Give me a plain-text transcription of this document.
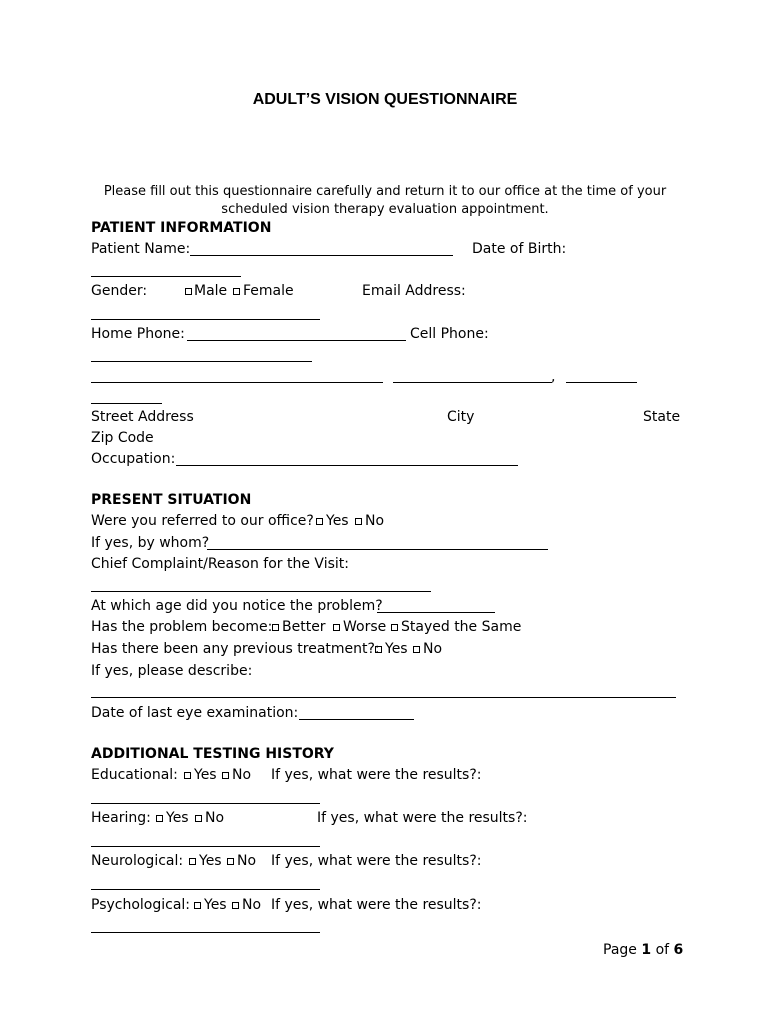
ADULT’S VISION QUESTIONNAIRE
Please fill out this questionnaire carefully and return it to our office at the time of your
scheduled vision therapy evaluation appointment.
PATIENT INFORMATION
Patient Name:	Date of Birth:
Gender:	Male Female	Email Address:
Home Phone:	Cell Phone:
,
Street Address	City	State
Zip Code
Occupation:
PRESENT SITUATION
Were you referred to our office? Yes No
If yes, by whom?
Chief Complaint/Reason for the Visit:
At which age did you notice the problem?
Has the problem become: Better Worse Stayed the Same
Has there been any previous treatment?: Yes No
If yes, please describe:
Date of last eye examination:
ADDITIONAL TESTING HISTORY
Educational: Yes No If yes, what were the results?:
Hearing: Yes No	If yes, what were the results?:
Neurological: Yes No If yes, what were the results?:
Psychological: Yes No If yes, what were the results?:
Page 1 of 6
